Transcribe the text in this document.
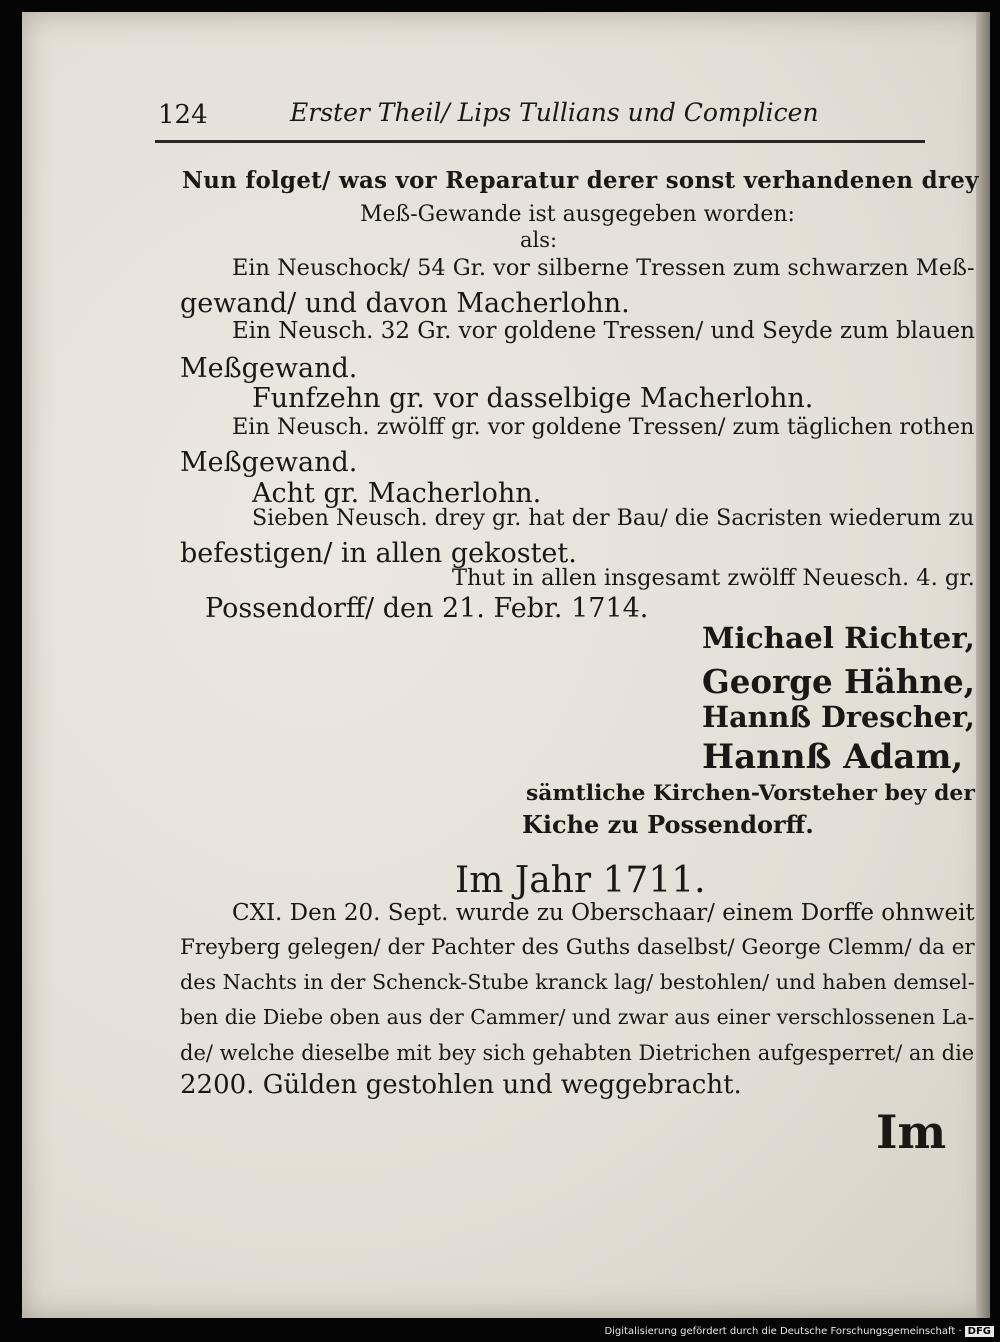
124	Erster Theil/ Lips Tullians und Complicen
Nun folget/ was vor Reparatur derer sonst verhandenen drey
Meß-Gewande ist ausgegeben worden:
als:
Ein Neuschock/ 54 Gr. vor silberne Tressen zum schwarzen Meß-
gewand/ und davon Macherlohn.
Ein Neusch. 32 Gr. vor goldene Tressen/ und Seyde zum blauen
Meßgewand.
Funfzehn gr. vor dasselbige Macherlohn.
Ein Neusch. zwölff gr. vor goldene Tressen/ zum täglichen rothen
Meßgewand.
Acht gr. Macherlohn.
Sieben Neusch. drey gr. hat der Bau/ die Sacristen wiederum zu
befestigen/ in allen gekostet.
Thut in allen insgesamt zwölff Neuesch. 4. gr.
Possendorff/ den 21. Febr. 1714.
Michael Richter,
George Hähne,
Hannß Drescher,
Hannß Adam,
sämtliche Kirchen-Vorsteher bey der
Kiche zu Possendorff.
Im Jahr 1711.
CXI. Den 20. Sept. wurde zu Oberschaar/ einem Dorffe ohnweit
Freyberg gelegen/ der Pachter des Guths daselbst/ George Clemm/ da er
des Nachts in der Schenck-Stube kranck lag/ bestohlen/ und haben demsel-
ben die Diebe oben aus der Cammer/ und zwar aus einer verschlossenen La-
de/ welche dieselbe mit bey sich gehabten Dietrichen aufgesperret/ an die
2200. Gülden gestohlen und weggebracht.
Im
Digitalisierung gefördert durch die Deutsche Forschungsgemeinschaft · DFG
